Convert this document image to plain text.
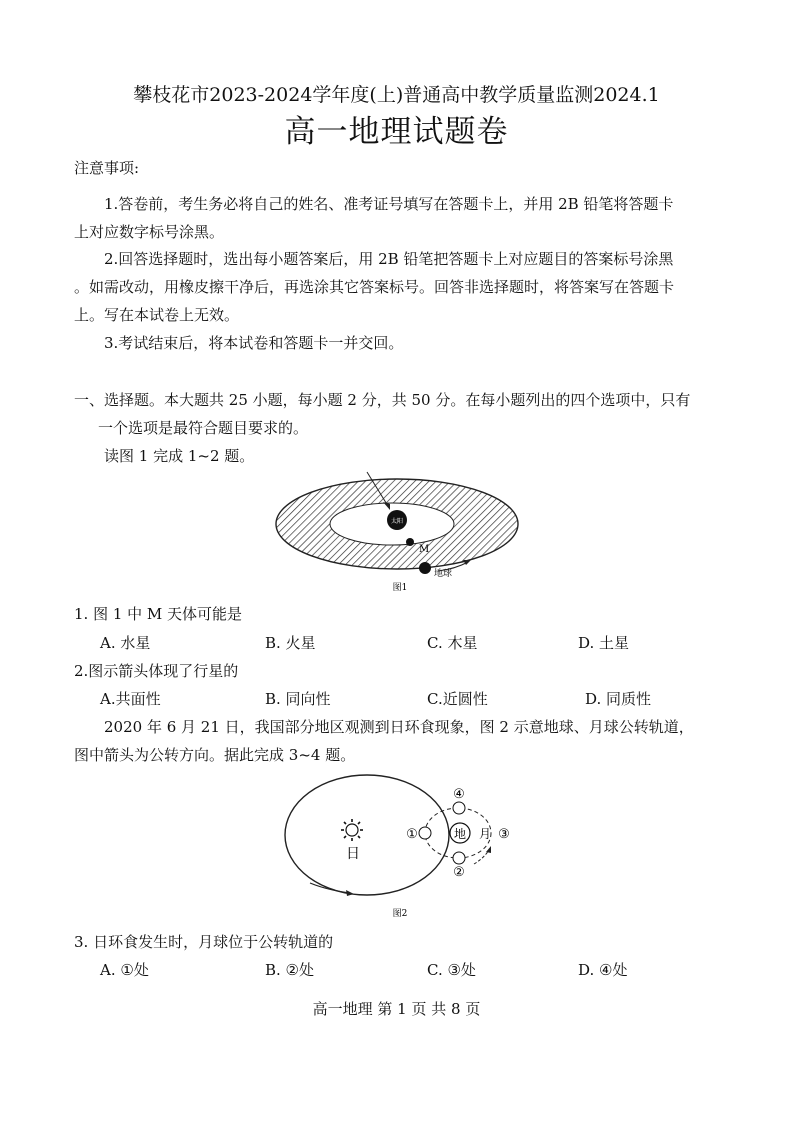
攀枝花市2023-2024学年度(上)普通高中教学质量监测2024.1
高一地理试题卷
注意事项:
1.答卷前，考生务必将自己的姓名、准考证号填写在答题卡上，并用 2B 铅笔将答题卡
上对应数字标号涂黑。
2.回答选择题时，选出每小题答案后，用 2B 铅笔把答题卡上对应题目的答案标号涂黑
。如需改动，用橡皮擦干净后，再选涂其它答案标号。回答非选择题时，将答案写在答题卡
上。写在本试卷上无效。
3.考试结束后，将本试卷和答题卡一并交回。
一、选择题。本大题共 25 小题，每小题 2 分，共 50 分。在每小题列出的四个选项中，只有
一个选项是最符合题目要求的。
读图 1 完成 1~2 题。
太阳
M
地球
图1
1. 图 1 中 M 天体可能是
A. 水星	B. 火星	C. 木星	D. 土星
2.图示箭头体现了行星的
A.共面性	B. 同向性	C.近圆性	D. 同质性
2020 年 6 月 21 日，我国部分地区观测到日环食现象，图 2 示意地球、月球公转轨道，
图中箭头为公转方向。据此完成 3~4 题。
日
地
①
②
月 ③
④
图2
3. 日环食发生时，月球位于公转轨道的
A. ①处	B. ②处	C. ③处	D. ④处
高一地理 第 1 页 共 8 页
